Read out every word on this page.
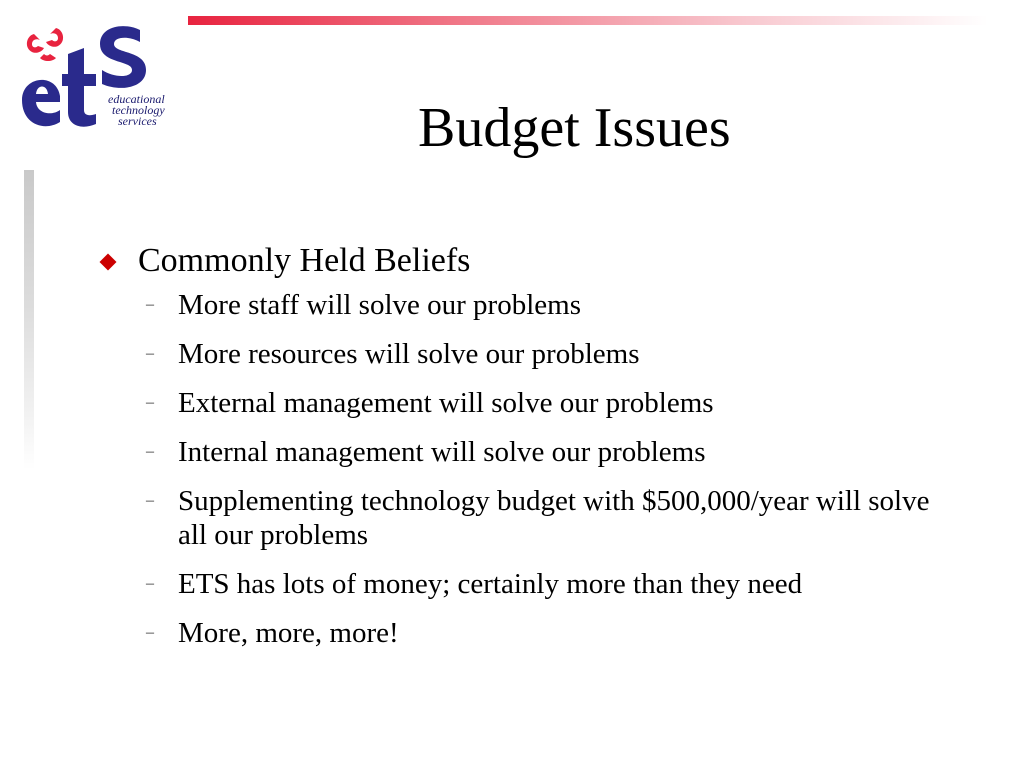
educational
technology
services	Budget Issues
Commonly Held Beliefs
– More staff will solve our problems
– More resources will solve our problems
– External management will solve our problems
– Internal management will solve our problems
– Supplementing technology budget with $500,000/year will solve all our problems
– ETS has lots of money; certainly more than they need
– More, more, more!
